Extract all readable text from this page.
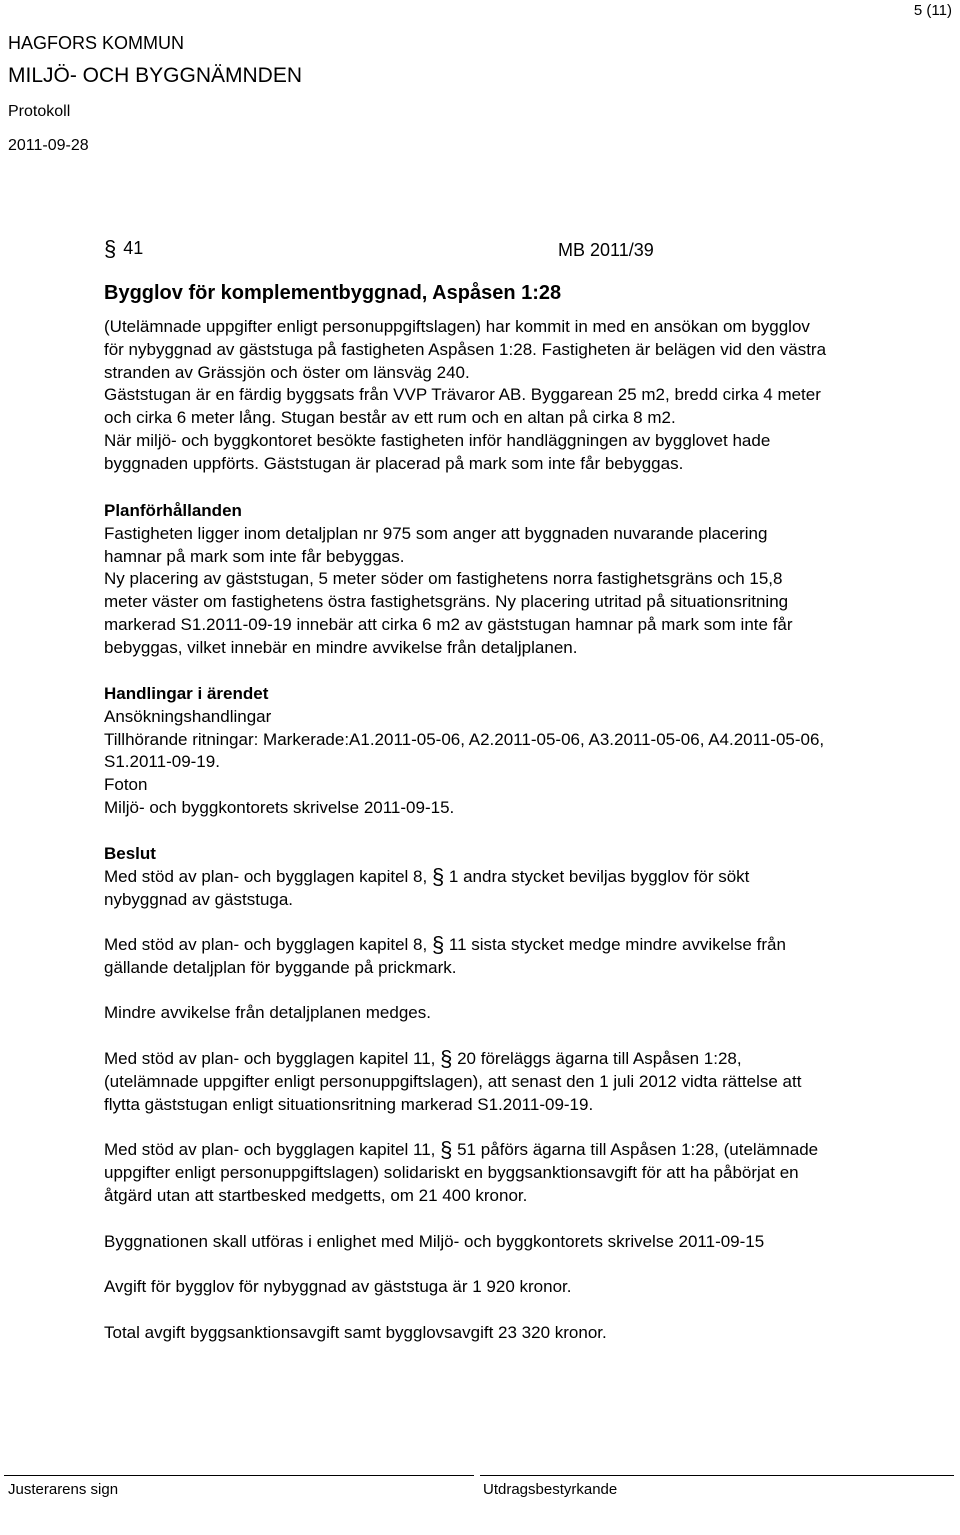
5 (11)
HAGFORS KOMMUN
MILJÖ- OCH BYGGNÄMNDEN
Protokoll
2011-09-28
§ 41	MB 2011/39
Bygglov för komplementbyggnad, Aspåsen 1:28
(Utelämnade uppgifter enligt personuppgiftslagen) har kommit in med en ansökan om bygglov
för nybyggnad av gäststuga på fastigheten Aspåsen 1:28. Fastigheten är belägen vid den västra
stranden av Grässjön och öster om länsväg 240.
Gäststugan är en färdig byggsats från VVP Trävaror AB. Byggarean 25 m2, bredd cirka 4 meter
och cirka 6 meter lång. Stugan består av ett rum och en altan på cirka 8 m2.
När miljö- och byggkontoret besökte fastigheten inför handläggningen av bygglovet hade
byggnaden uppförts. Gäststugan är placerad på mark som inte får bebyggas.
Planförhållanden
Fastigheten ligger inom detaljplan nr 975 som anger att byggnaden nuvarande placering
hamnar på mark som inte får bebyggas.
Ny placering av gäststugan, 5 meter söder om fastighetens norra fastighetsgräns och 15,8
meter väster om fastighetens östra fastighetsgräns. Ny placering utritad på situationsritning
markerad S1.2011-09-19 innebär att cirka 6 m2 av gäststugan hamnar på mark som inte får
bebyggas, vilket innebär en mindre avvikelse från detaljplanen.
Handlingar i ärendet
Ansökningshandlingar
Tillhörande ritningar: Markerade:A1.2011-05-06, A2.2011-05-06, A3.2011-05-06, A4.2011-05-06,
S1.2011-09-19.
Foton
Miljö- och byggkontorets skrivelse 2011-09-15.
Beslut
Med stöd av plan- och bygglagen kapitel 8, § 1 andra stycket beviljas bygglov för sökt
nybyggnad av gäststuga.
Med stöd av plan- och bygglagen kapitel 8, § 11 sista stycket medge mindre avvikelse från
gällande detaljplan för byggande på prickmark.
Mindre avvikelse från detaljplanen medges.
Med stöd av plan- och bygglagen kapitel 11, § 20 föreläggs ägarna till Aspåsen 1:28,
(utelämnade uppgifter enligt personuppgiftslagen), att senast den 1 juli 2012 vidta rättelse att
flytta gäststugan enligt situationsritning markerad S1.2011-09-19.
Med stöd av plan- och bygglagen kapitel 11, § 51 påförs ägarna till Aspåsen 1:28, (utelämnade
uppgifter enligt personuppgiftslagen) solidariskt en byggsanktionsavgift för att ha påbörjat en
åtgärd utan att startbesked medgetts, om 21 400 kronor.
Byggnationen skall utföras i enlighet med Miljö- och byggkontorets skrivelse 2011-09-15
Avgift för bygglov för nybyggnad av gäststuga är 1 920 kronor.
Total avgift byggsanktionsavgift samt bygglovsavgift 23 320 kronor.
Justerarens sign	Utdragsbestyrkande
